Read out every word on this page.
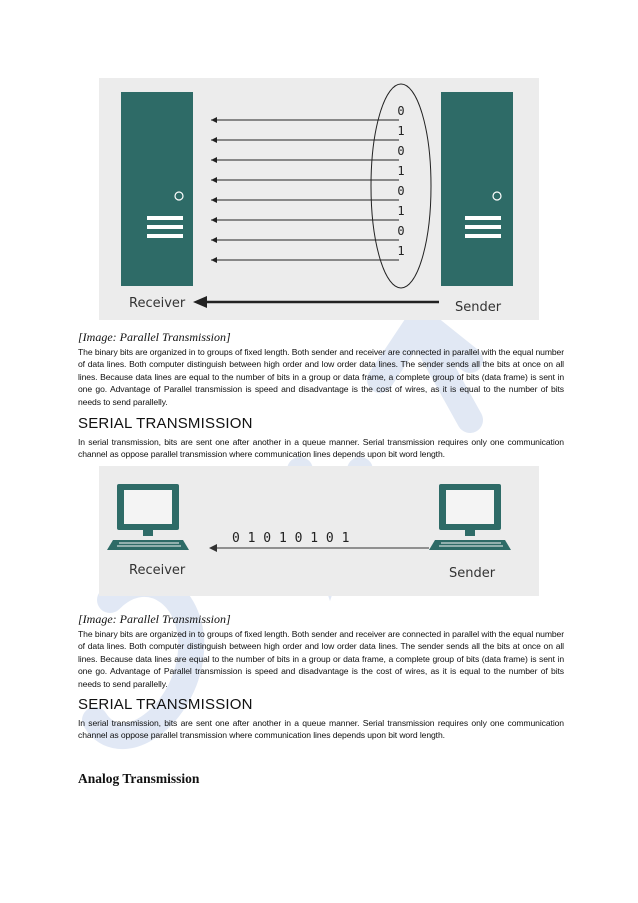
0
1
0
1
0
1
0
1
Receiver	Sender
[Image: Parallel Transmission]
The binary bits are organized in to groups of fixed length. Both sender and receiver are connected in parallel with the equal number of data lines. Both computer distinguish between high order and low order data lines. The sender sends all the bits at once on all lines. Because data lines are equal to the number of bits in a group or data frame, a complete group of bits (data frame) is sent in one go. Advantage of Parallel transmission is speed and disadvantage is the cost of wires, as it is equal to the number of bits needs to send parallelly.
SERIAL TRANSMISSION
In serial transmission, bits are sent one after another in a queue manner. Serial transmission requires only one communication channel as oppose parallel transmission where communication lines depends upon bit word length.
0 1 0 1 0 1 0 1
Receiver	Sender
[Image: Parallel Transmission]
The binary bits are organized in to groups of fixed length. Both sender and receiver are connected in parallel with the equal number of data lines. Both computer distinguish between high order and low order data lines. The sender sends all the bits at once on all lines. Because data lines are equal to the number of bits in a group or data frame, a complete group of bits (data frame) is sent in one go. Advantage of Parallel transmission is speed and disadvantage is the cost of wires, as it is equal to the number of bits needs to send parallelly.
SERIAL TRANSMISSION
In serial transmission, bits are sent one after another in a queue manner. Serial transmission requires only one communication channel as oppose parallel transmission where communication lines depends upon bit word length.
Analog Transmission
